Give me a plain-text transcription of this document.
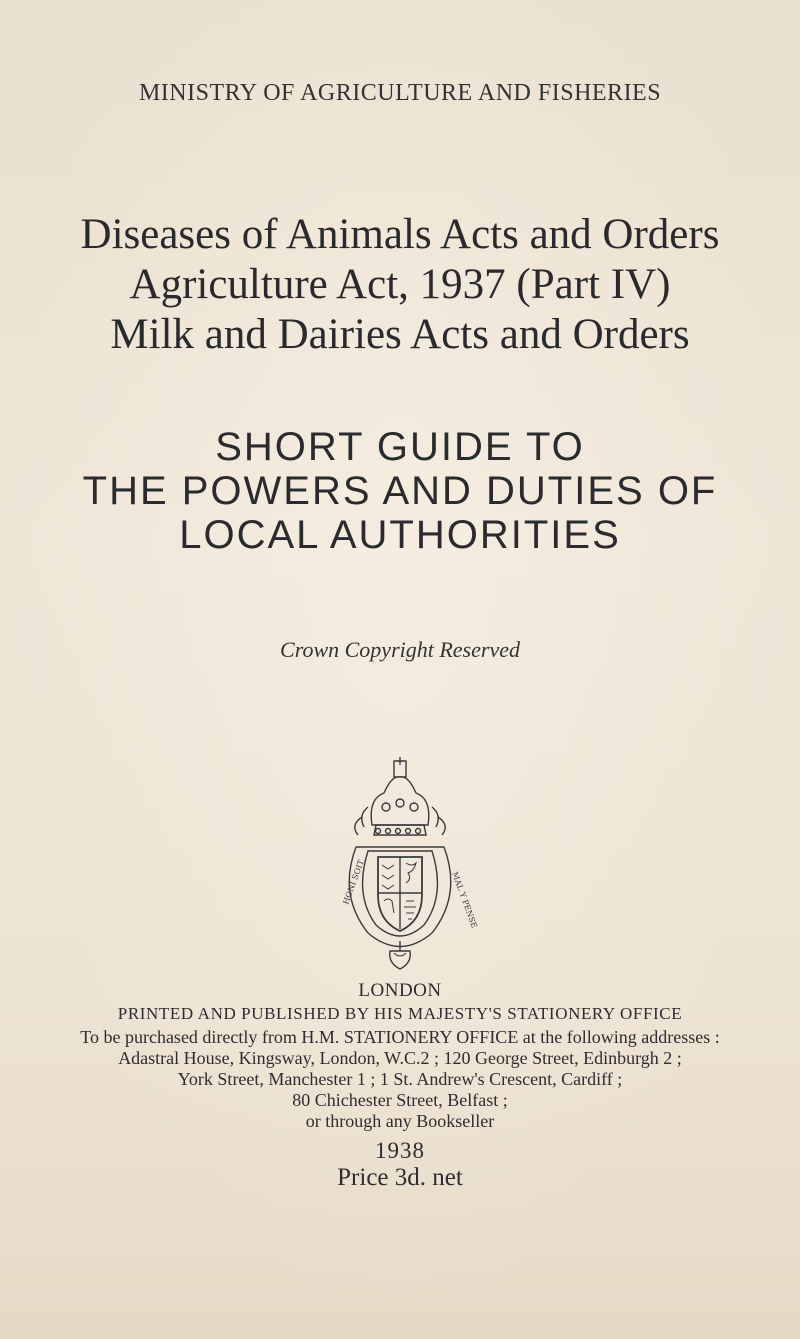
MINISTRY OF AGRICULTURE AND FISHERIES
Diseases of Animals Acts and Orders
Agriculture Act, 1937 (Part IV)
Milk and Dairies Acts and Orders
SHORT GUIDE TO
THE POWERS AND DUTIES OF
LOCAL AUTHORITIES
Crown Copyright Reserved
HONI SOIT	MAL Y PENSE
LONDON
PRINTED AND PUBLISHED BY HIS MAJESTY'S STATIONERY OFFICE
To be purchased directly from H.M. STATIONERY OFFICE at the following addresses :
Adastral House, Kingsway, London, W.C.2 ; 120 George Street, Edinburgh 2 ;
York Street, Manchester 1 ; 1 St. Andrew's Crescent, Cardiff ;
80 Chichester Street, Belfast ;
or through any Bookseller
1938
Price 3d. net
